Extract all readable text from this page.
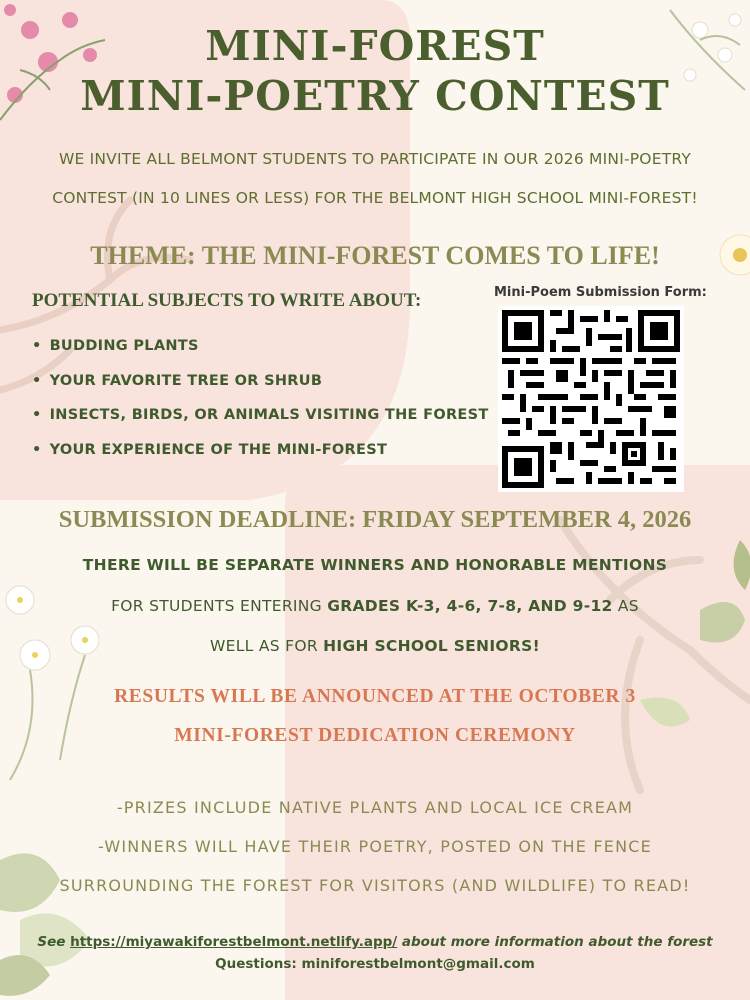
MINI-FOREST
MINI-POETRY CONTEST
WE INVITE ALL BELMONT STUDENTS TO PARTICIPATE IN OUR 2026 MINI-POETRY
CONTEST (IN 10 LINES OR LESS) FOR THE BELMONT HIGH SCHOOL MINI-FOREST!
THEME: THE MINI-FOREST COMES TO LIFE!
POTENTIAL SUBJECTS TO WRITE ABOUT:
• BUDDING PLANTS
• YOUR FAVORITE TREE OR SHRUB
• INSECTS, BIRDS, OR ANIMALS VISITING THE FOREST
• YOUR EXPERIENCE OF THE MINI-FOREST
Mini-Poem Submission Form:
SUBMISSION DEADLINE: FRIDAY SEPTEMBER 4, 2026
THERE WILL BE SEPARATE WINNERS AND HONORABLE MENTIONS
FOR STUDENTS ENTERING GRADES K-3, 4-6, 7-8, AND 9-12 AS
WELL AS FOR HIGH SCHOOL SENIORS!
RESULTS WILL BE ANNOUNCED AT THE OCTOBER 3
MINI-FOREST DEDICATION CEREMONY
-PRIZES INCLUDE NATIVE PLANTS AND LOCAL ICE CREAM
-WINNERS WILL HAVE THEIR POETRY, POSTED ON THE FENCE
SURROUNDING THE FOREST FOR VISITORS (AND WILDLIFE) TO READ!
See https://miyawakiforestbelmont.netlify.app/ about more information about the forest
Questions: miniforestbelmont@gmail.com
